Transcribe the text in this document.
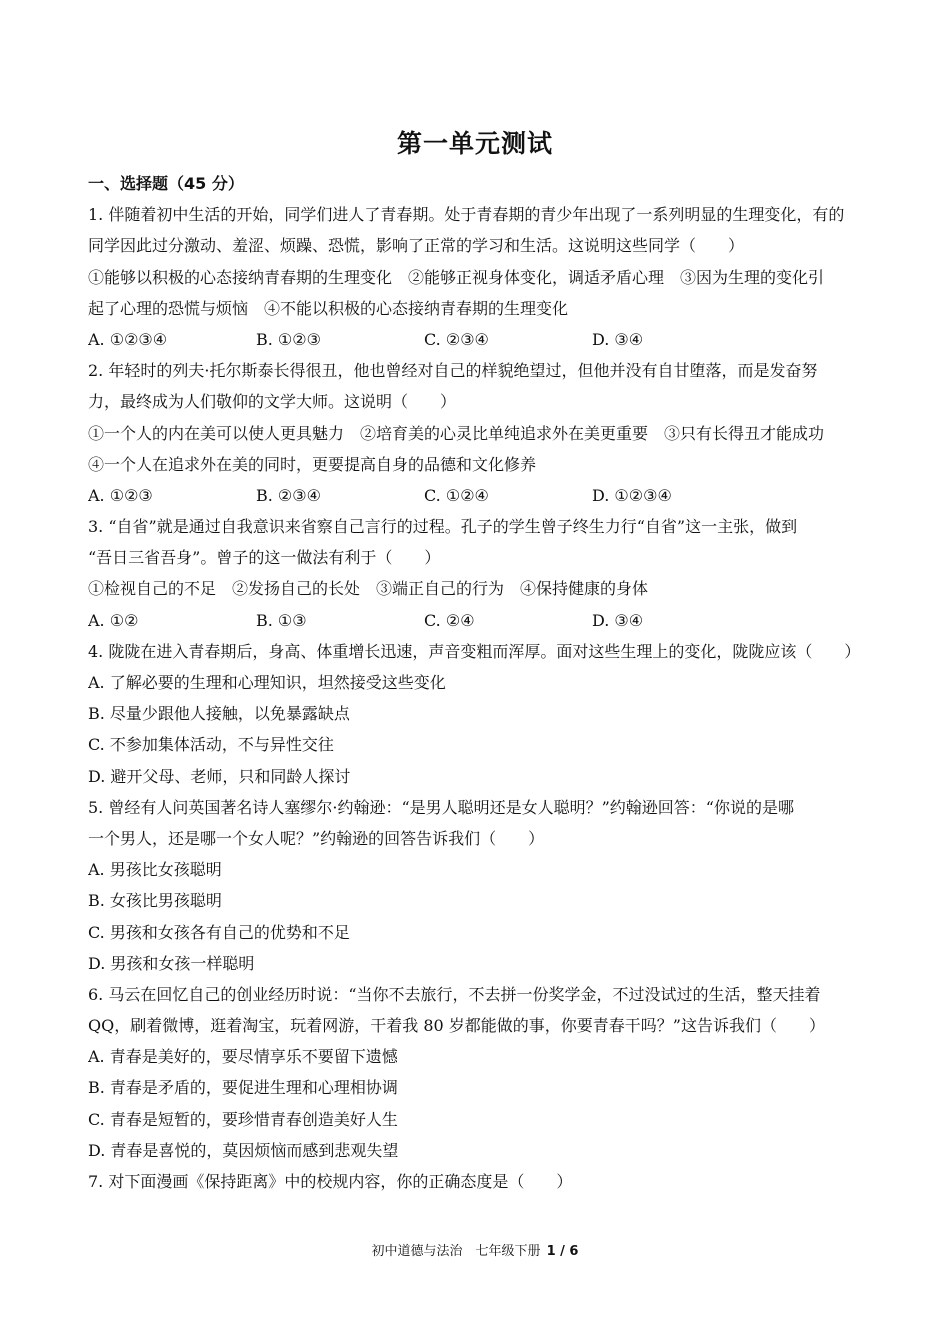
第一单元测试
一、选择题（45 分）
1. 伴随着初中生活的开始，同学们进人了青春期。处于青春期的青少年出现了一系列明显的生理变化，有的
同学因此过分激动、羞涩、烦躁、恐慌，影响了正常的学习和生活。这说明这些同学（　　）
①能够以积极的心态接纳青春期的生理变化　②能够正视身体变化，调适矛盾心理　③因为生理的变化引
起了心理的恐慌与烦恼　④不能以积极的心态接纳青春期的生理变化
A. ①②③④	B. ①②③	C. ②③④	D. ③④
2. 年轻时的列夫·托尔斯泰长得很丑，他也曾经对自己的样貌绝望过，但他并没有自甘堕落，而是发奋努
力，最终成为人们敬仰的文学大师。这说明（　　）
①一个人的内在美可以使人更具魅力　②培育美的心灵比单纯追求外在美更重要　③只有长得丑才能成功
④一个人在追求外在美的同时，更要提高自身的品德和文化修养
A. ①②③	B. ②③④	C. ①②④	D. ①②③④
3. “自省”就是通过自我意识来省察自己言行的过程。孔子的学生曾子终生力行“自省”这一主张，做到
“吾日三省吾身”。曾子的这一做法有利于（　　）
①检视自己的不足　②发扬自己的长处　③端正自己的行为　④保持健康的身体
A. ①②	B. ①③	C. ②④	D. ③④
4. 陇陇在进入青春期后，身高、体重增长迅速，声音变粗而浑厚。面对这些生理上的变化，陇陇应该（　　）
A. 了解必要的生理和心理知识，坦然接受这些变化
B. 尽量少跟他人接触，以免暴露缺点
C. 不参加集体活动，不与异性交往
D. 避开父母、老师，只和同龄人探讨
5. 曾经有人问英国著名诗人塞缪尔·约翰逊：“是男人聪明还是女人聪明？”约翰逊回答：“你说的是哪
一个男人，还是哪一个女人呢？”约翰逊的回答告诉我们（　　）
A. 男孩比女孩聪明
B. 女孩比男孩聪明
C. 男孩和女孩各有自己的优势和不足
D. 男孩和女孩一样聪明
6. 马云在回忆自己的创业经历时说：“当你不去旅行，不去拼一份奖学金，不过没试过的生活，整天挂着
QQ，刷着微博，逛着淘宝，玩着网游，干着我 80 岁都能做的事，你要青春干吗？”这告诉我们（　　）
A. 青春是美好的，要尽情享乐不要留下遗憾
B. 青春是矛盾的，要促进生理和心理相协调
C. 青春是短暂的，要珍惜青春创造美好人生
D. 青春是喜悦的，莫因烦恼而感到悲观失望
7. 对下面漫画《保持距离》中的校规内容，你的正确态度是（　　）
初中道德与法治　七年级下册 1 / 6
